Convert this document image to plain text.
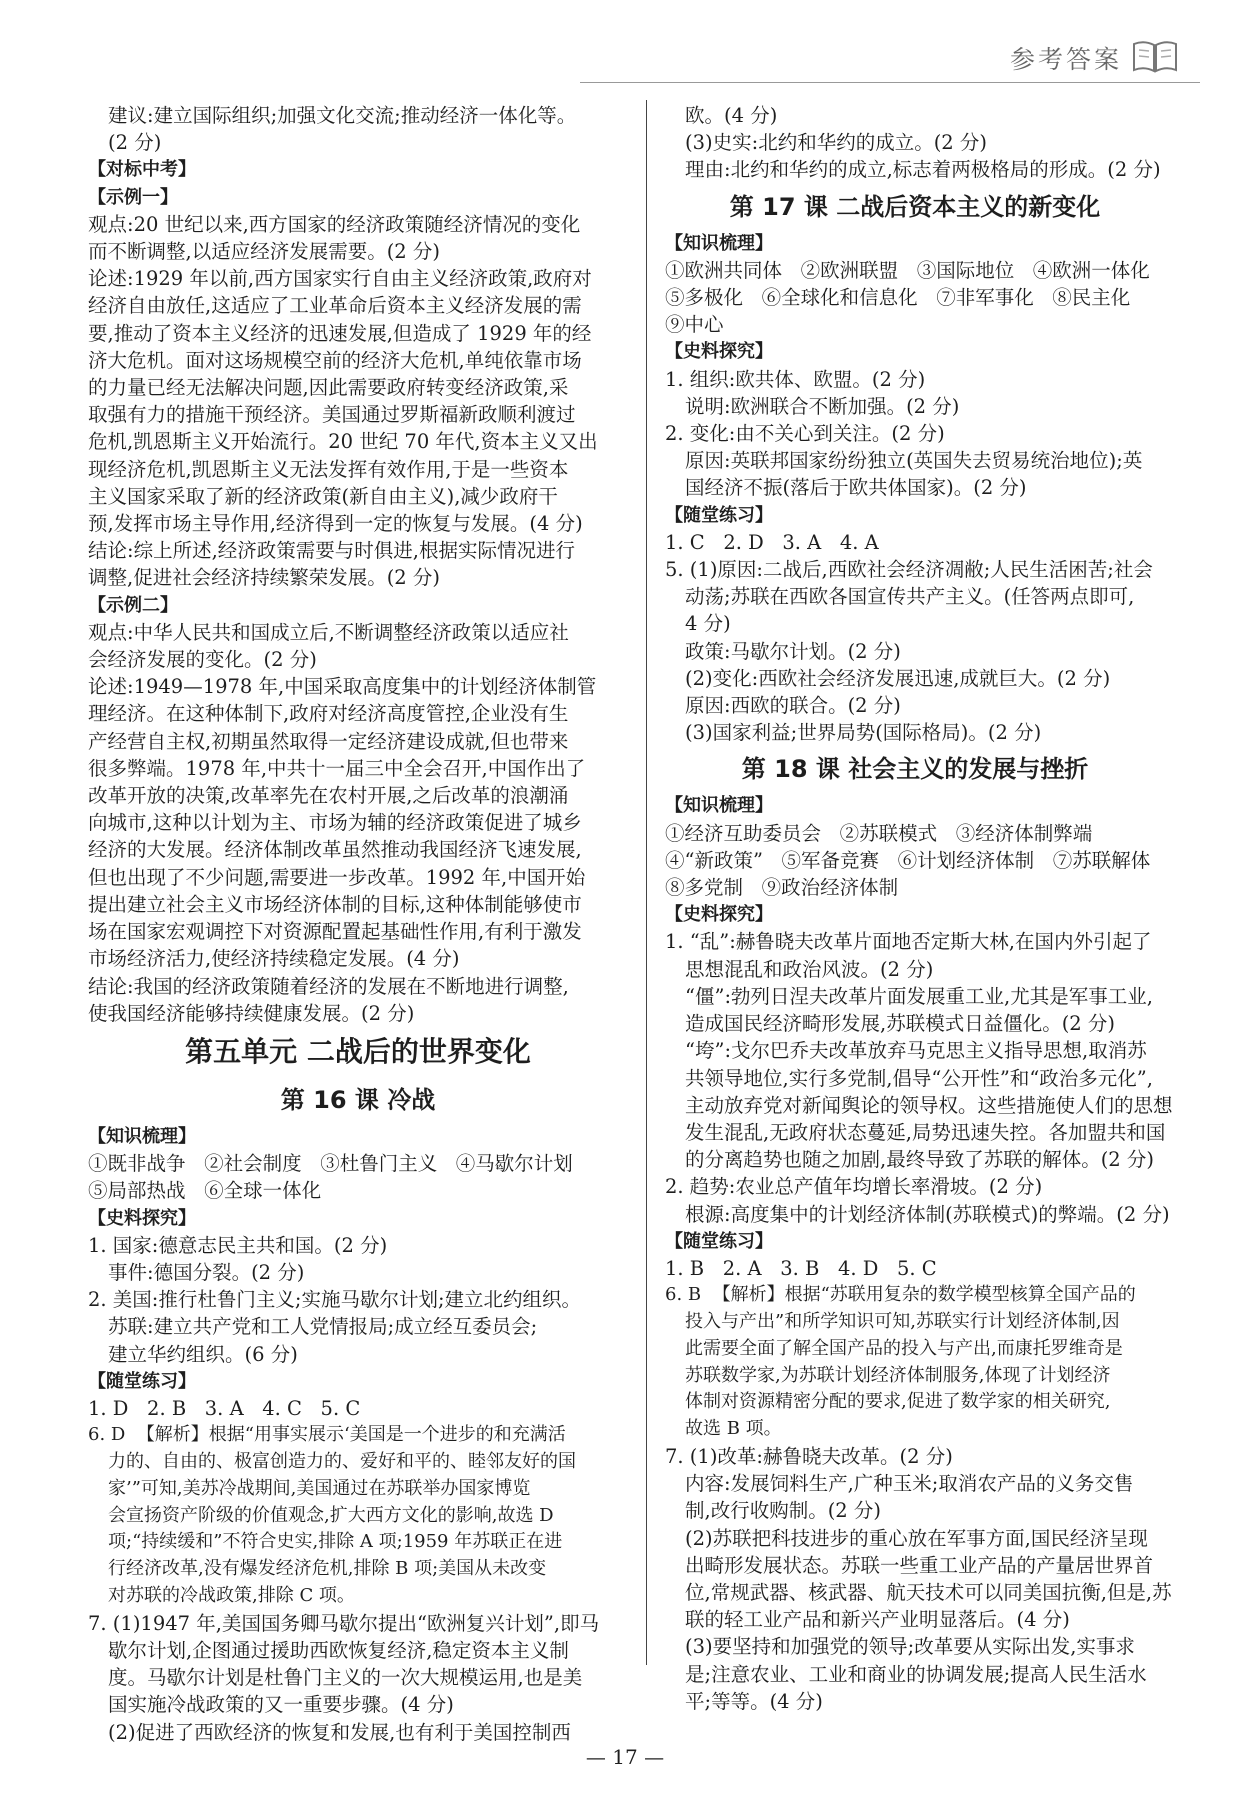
参考答案
建议:建立国际组织;加强文化交流;推动经济一体化等。
(2 分)
【对标中考】
【示例一】
观点:20 世纪以来,西方国家的经济政策随经济情况的变化
而不断调整,以适应经济发展需要。(2 分)
论述:1929 年以前,西方国家实行自由主义经济政策,政府对
经济自由放任,这适应了工业革命后资本主义经济发展的需
要,推动了资本主义经济的迅速发展,但造成了 1929 年的经
济大危机。面对这场规模空前的经济大危机,单纯依靠市场
的力量已经无法解决问题,因此需要政府转变经济政策,采
取强有力的措施干预经济。美国通过罗斯福新政顺利渡过
危机,凯恩斯主义开始流行。20 世纪 70 年代,资本主义又出
现经济危机,凯恩斯主义无法发挥有效作用,于是一些资本
主义国家采取了新的经济政策(新自由主义),减少政府干
预,发挥市场主导作用,经济得到一定的恢复与发展。(4 分)
结论:综上所述,经济政策需要与时俱进,根据实际情况进行
调整,促进社会经济持续繁荣发展。(2 分)
【示例二】
观点:中华人民共和国成立后,不断调整经济政策以适应社
会经济发展的变化。(2 分)
论述:1949—1978 年,中国采取高度集中的计划经济体制管
理经济。在这种体制下,政府对经济高度管控,企业没有生
产经营自主权,初期虽然取得一定经济建设成就,但也带来
很多弊端。1978 年,中共十一届三中全会召开,中国作出了
改革开放的决策,改革率先在农村开展,之后改革的浪潮涌
向城市,这种以计划为主、市场为辅的经济政策促进了城乡
经济的大发展。经济体制改革虽然推动我国经济飞速发展,
但也出现了不少问题,需要进一步改革。1992 年,中国开始
提出建立社会主义市场经济体制的目标,这种体制能够使市
场在国家宏观调控下对资源配置起基础性作用,有利于激发
市场经济活力,使经济持续稳定发展。(4 分)
结论:我国的经济政策随着经济的发展在不断地进行调整,
使我国经济能够持续健康发展。(2 分)
第五单元 二战后的世界变化
第 16 课 冷战
【知识梳理】
①既非战争   ②社会制度   ③杜鲁门主义   ④马歇尔计划
⑤局部热战   ⑥全球一体化
【史料探究】
1. 国家:德意志民主共和国。(2 分)
事件:德国分裂。(2 分)
2. 美国:推行杜鲁门主义;实施马歇尔计划;建立北约组织。
苏联:建立共产党和工人党情报局;成立经互委员会;
建立华约组织。(6 分)
【随堂练习】
1. D   2. B   3. A   4. C   5. C
6. D  【解析】根据“用事实展示‘美国是一个进步的和充满活
力的、自由的、极富创造力的、爱好和平的、睦邻友好的国
家’”可知,美苏冷战期间,美国通过在苏联举办国家博览
会宣扬资产阶级的价值观念,扩大西方文化的影响,故选 D
项;“持续缓和”不符合史实,排除 A 项;1959 年苏联正在进
行经济改革,没有爆发经济危机,排除 B 项;美国从未改变
对苏联的冷战政策,排除 C 项。
7. (1)1947 年,美国国务卿马歇尔提出“欧洲复兴计划”,即马
歇尔计划,企图通过援助西欧恢复经济,稳定资本主义制
度。马歇尔计划是杜鲁门主义的一次大规模运用,也是美
国实施冷战政策的又一重要步骤。(4 分)
(2)促进了西欧经济的恢复和发展,也有利于美国控制西
欧。(4 分)
(3)史实:北约和华约的成立。(2 分)
理由:北约和华约的成立,标志着两极格局的形成。(2 分)
第 17 课 二战后资本主义的新变化
【知识梳理】
①欧洲共同体   ②欧洲联盟   ③国际地位   ④欧洲一体化
⑤多极化   ⑥全球化和信息化   ⑦非军事化   ⑧民主化
⑨中心
【史料探究】
1. 组织:欧共体、欧盟。(2 分)
说明:欧洲联合不断加强。(2 分)
2. 变化:由不关心到关注。(2 分)
原因:英联邦国家纷纷独立(英国失去贸易统治地位);英
国经济不振(落后于欧共体国家)。(2 分)
【随堂练习】
1. C   2. D   3. A   4. A
5. (1)原因:二战后,西欧社会经济凋敝;人民生活困苦;社会
动荡;苏联在西欧各国宣传共产主义。(任答两点即可,
4 分)
政策:马歇尔计划。(2 分)
(2)变化:西欧社会经济发展迅速,成就巨大。(2 分)
原因:西欧的联合。(2 分)
(3)国家利益;世界局势(国际格局)。(2 分)
第 18 课 社会主义的发展与挫折
【知识梳理】
①经济互助委员会   ②苏联模式   ③经济体制弊端
④“新政策”   ⑤军备竞赛   ⑥计划经济体制   ⑦苏联解体
⑧多党制   ⑨政治经济体制
【史料探究】
1. “乱”:赫鲁晓夫改革片面地否定斯大林,在国内外引起了
思想混乱和政治风波。(2 分)
“僵”:勃列日涅夫改革片面发展重工业,尤其是军事工业,
造成国民经济畸形发展,苏联模式日益僵化。(2 分)
“垮”:戈尔巴乔夫改革放弃马克思主义指导思想,取消苏
共领导地位,实行多党制,倡导“公开性”和“政治多元化”,
主动放弃党对新闻舆论的领导权。这些措施使人们的思想
发生混乱,无政府状态蔓延,局势迅速失控。各加盟共和国
的分离趋势也随之加剧,最终导致了苏联的解体。(2 分)
2. 趋势:农业总产值年均增长率滑坡。(2 分)
根源:高度集中的计划经济体制(苏联模式)的弊端。(2 分)
【随堂练习】
1. B   2. A   3. B   4. D   5. C
6. B  【解析】根据“苏联用复杂的数学模型核算全国产品的
投入与产出”和所学知识可知,苏联实行计划经济体制,因
此需要全面了解全国产品的投入与产出,而康托罗维奇是
苏联数学家,为苏联计划经济体制服务,体现了计划经济
体制对资源精密分配的要求,促进了数学家的相关研究,
故选 B 项。
7. (1)改革:赫鲁晓夫改革。(2 分)
内容:发展饲料生产,广种玉米;取消农产品的义务交售
制,改行收购制。(2 分)
(2)苏联把科技进步的重心放在军事方面,国民经济呈现
出畸形发展状态。苏联一些重工业产品的产量居世界首
位,常规武器、核武器、航天技术可以同美国抗衡,但是,苏
联的轻工业产品和新兴产业明显落后。(4 分)
(3)要坚持和加强党的领导;改革要从实际出发,实事求
是;注意农业、工业和商业的协调发展;提高人民生活水
平;等等。(4 分)
— 17 —
